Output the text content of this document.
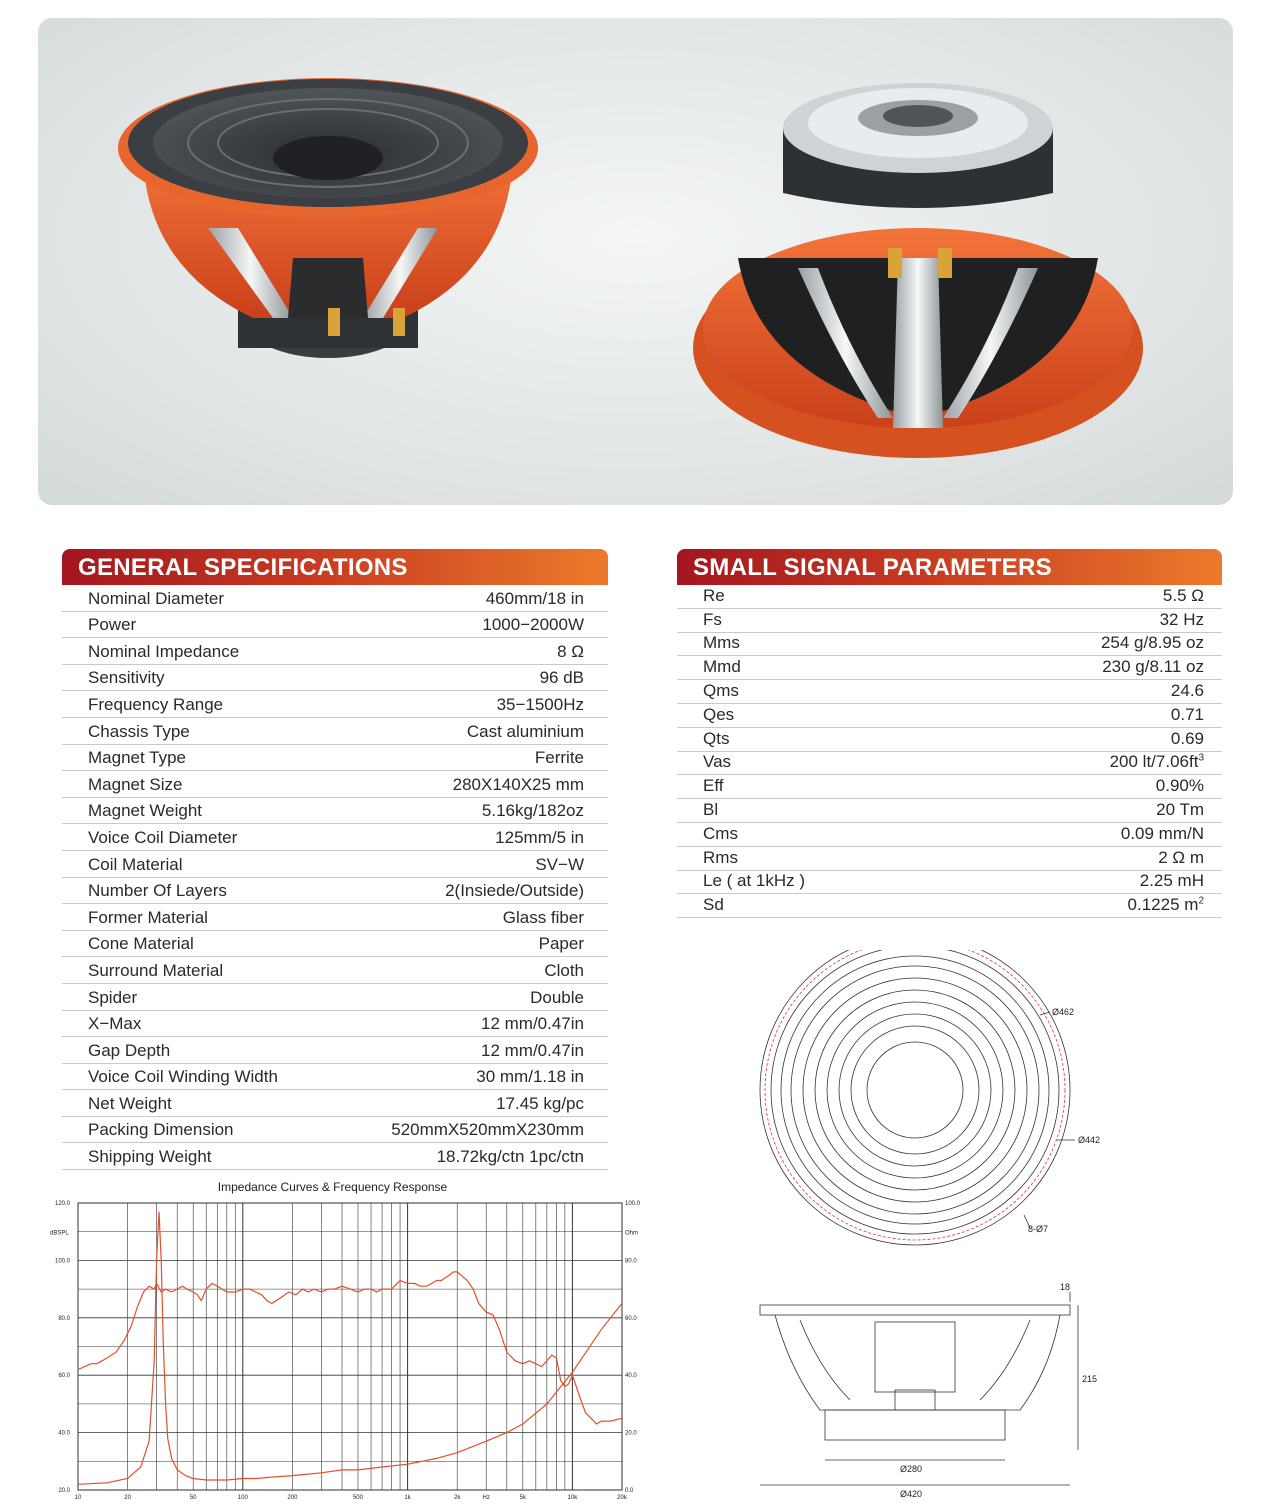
GENERAL SPECIFICATIONS
Nominal Diameter	460mm/18 in
Power	1000−2000W
Nominal Impedance	8 Ω
Sensitivity	96 dB
Frequency Range	35−1500Hz
Chassis Type	Cast aluminium
Magnet Type	Ferrite
Magnet Size	280X140X25 mm
Magnet Weight	5.16kg/182oz
Voice Coil Diameter	125mm/5 in
Coil Material	SV−W
Number Of Layers	2(Insiede/Outside)
Former Material	Glass fiber
Cone Material	Paper
Surround Material	Cloth
Spider	Double
X−Max	12 mm/0.47in
Gap Depth	12 mm/0.47in
Voice Coil Winding Width	30 mm/1.18 in
Net Weight	17.45 kg/pc
Packing Dimension	520mmX520mmX230mm
Shipping Weight	18.72kg/ctn 1pc/ctn
SMALL SIGNAL PARAMETERS
Re	5.5 Ω
Fs	32 Hz
Mms	254 g/8.95 oz
Mmd	230 g/8.11 oz
Qms	24.6
Qes	0.71
Qts	0.69
Vas	200 $lt/7.06ft^3$
Eff	0.90%
Bl	20 Tm
Cms	0.09 mm/N
Rms	2 Ω m
Le ( at 1kHz )	2.25 mH
Sd	0.1225 $m^2$
Impedance Curves & Frequency Response
10	20	50	100	200	500	1k	2k	5k	10k	20k
Hz
20.0
40.0
60.0
80.0
100.0
120.0
0.0
20.0
40.0
60.0
80.0
100.0
dBSPL	Ohm
Ø462
Ø442
8-Ø7
18
215
Ø280
Ø420
